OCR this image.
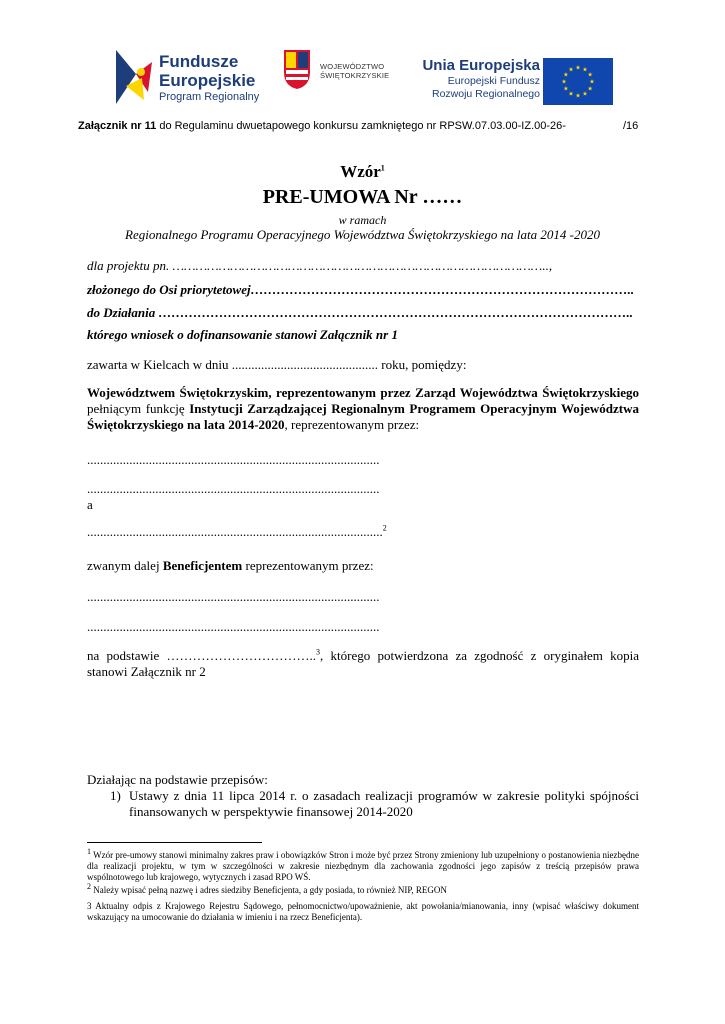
Fundusze
Europejskie
Program Regionalny
WOJEWÓDZTWO
ŚWIĘTOKRZYSKIE
Unia Europejska
Europejski Fundusz
Rozwoju Regionalnego
Załącznik nr 11 do Regulaminu dwuetapowego konkursu zamkniętego nr RPSW.07.03.00-IZ.00-26-	/16
Wzór$^1$
PRE-UMOWA Nr ……
w ramach
Regionalnego Programu Operacyjnego Województwa Świętokrzyskiego na lata 2014 -2020
dla projektu pn. ……………………………………………………………………………………..,
złożonego do Osi priorytetowej……………………………………………………………………………..
do Działania ………………………………………………………………………………………………..
którego wniosek o dofinansowanie stanowi Załącznik nr 1
zawarta w Kielcach w dniu ............................................. roku, pomiędzy:
Województwem Świętokrzyskim, reprezentowanym przez Zarząd Województwa Świętokrzyskiego pełniącym funkcję Instytucji Zarządzającej Regionalnym Programem Operacyjnym Województwa Świętokrzyskiego na lata 2014-2020, reprezentowanym przez:
..........................................................................................
..........................................................................................
a
...........................................................................................$^2$
zwanym dalej Beneficjentem reprezentowanym przez:
..........................................................................................
..........................................................................................
na podstawie ……………………………..$^3$, którego potwierdzona za zgodność z oryginałem kopia stanowi Załącznik nr 2
Działając na podstawie przepisów:
1) Ustawy z dnia 11 lipca 2014 r. o zasadach realizacji programów w zakresie polityki spójności finansowanych w perspektywie finansowej 2014-2020
$^1$ Wzór pre-umowy stanowi minimalny zakres praw i obowiązków Stron i może być przez Strony zmieniony lub uzupełniony o postanowienia niezbędne dla realizacji projektu, w tym w szczególności w zakresie niezbędnym dla zachowania zgodności jego zapisów z treścią przepisów prawa wspólnotowego lub krajowego, wytycznych i zasad RPO WŚ.
$^2$ Należy wpisać pełną nazwę i adres siedziby Beneficjenta, a gdy posiada, to również NIP, REGON
3 Aktualny odpis z Krajowego Rejestru Sądowego, pełnomocnictwo/upoważnienie, akt powołania/mianowania, inny (wpisać właściwy dokument wskazujący na umocowanie do działania w imieniu i na rzecz Beneficjenta).
